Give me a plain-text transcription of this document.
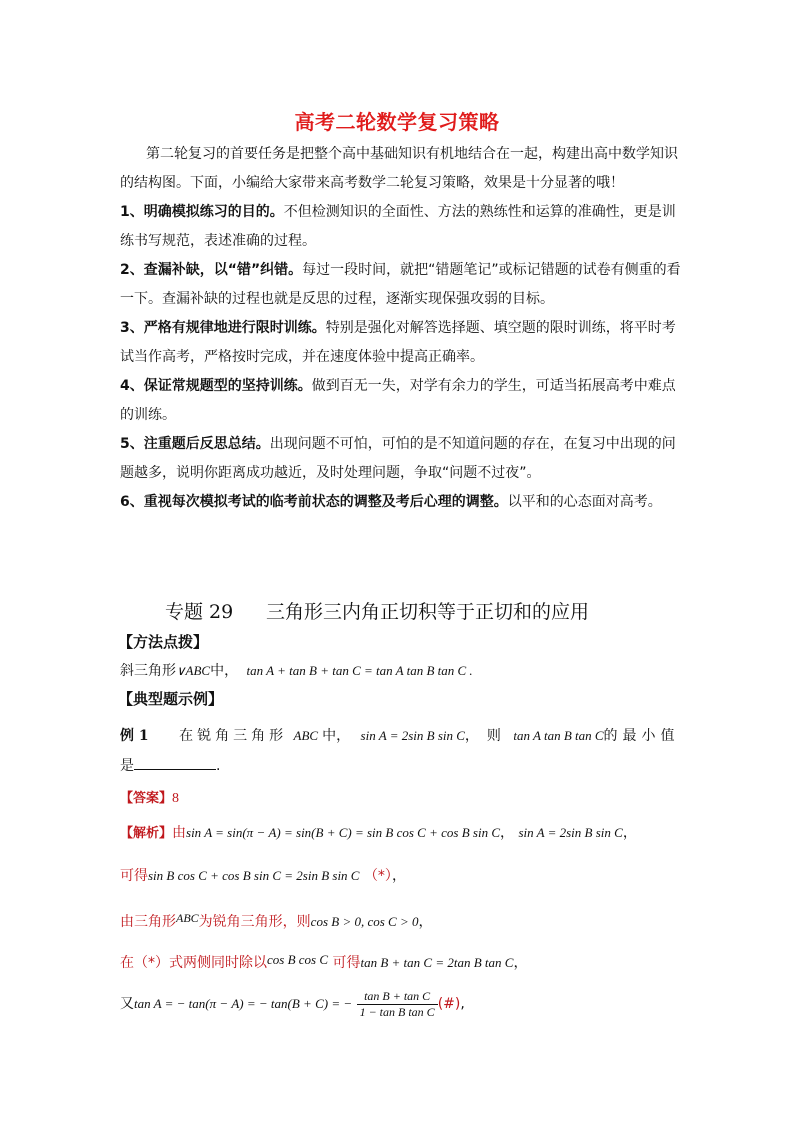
高考二轮数学复习策略
第二轮复习的首要任务是把整个高中基础知识有机地结合在一起，构建出高中数学知识
的结构图。下面，小编给大家带来高考数学二轮复习策略，效果是十分显著的哦！
1、明确模拟练习的目的。不但检测知识的全面性、方法的熟练性和运算的准确性，更是训
练书写规范，表述准确的过程。
2、查漏补缺，以“错”纠错。每过一段时间，就把“错题笔记”或标记错题的试卷有侧重的看
一下。查漏补缺的过程也就是反思的过程，逐渐实现保强攻弱的目标。
3、严格有规律地进行限时训练。特别是强化对解答选择题、填空题的限时训练，将平时考
试当作高考，严格按时完成，并在速度体验中提高正确率。
4、保证常规题型的坚持训练。做到百无一失，对学有余力的学生，可适当拓展高考中难点
的训练。
5、注重题后反思总结。出现问题不可怕，可怕的是不知道问题的存在，在复习中出现的问
题越多，说明你距离成功越近，及时处理问题，争取“问题不过夜”。
6、重视每次模拟考试的临考前状态的调整及考后心理的调整。以平和的心态面对高考。
专题 29 三角形三内角正切积等于正切和的应用
【方法点拨】
斜三角形∨ABC中， tan A + tan B + tan C = tan A tan B tan C .
【典型题示例】
例 1 在锐角三角形 ABC 中， sin A = 2sin B sin C，则 tan A tan B tan C的最小值
是	.
【答案】8
【解析】由sin A = sin(π − A) = sin(B + C) = sin B cos C + cos B sin C， sin A = 2sin B sin C，
可得sin B cos C + cos B sin C = 2sin B sin C （*），
由三角形ABC为锐角三角形，则cos B > 0, cos C > 0，
在（*）式两侧同时除以cos B cos C 可得tan B + tan C = 2tan B tan C，
又tan A = − tan(π − A) = − tan(B + C) = − $\frac{\text{tan B + tan C}}{\text{1 − tan B tan C}}$ (#),
